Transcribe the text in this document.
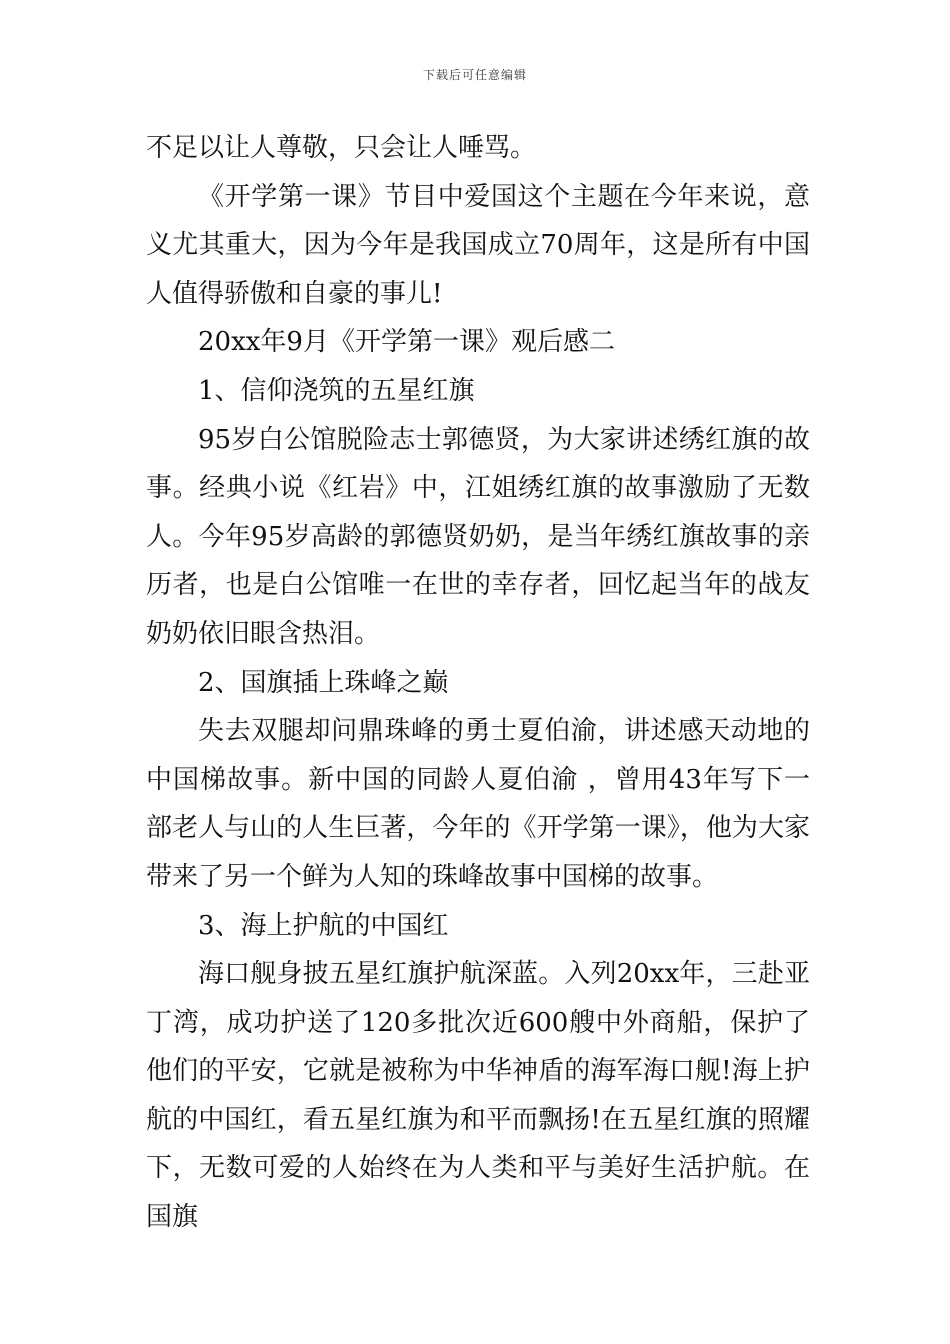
下载后可任意编辑

不足以让人尊敬，只会让人唾骂。

《开学第一课》节目中爱国这个主题在今年来说，意义尤其重大，因为今年是我国成立70周年，这是所有中国人值得骄傲和自豪的事儿!

20xx年9月《开学第一课》观后感二

1、信仰浇筑的五星红旗

95岁白公馆脱险志士郭德贤，为大家讲述绣红旗的故事。经典小说《红岩》中，江姐绣红旗的故事激励了无数人。今年95岁高龄的郭德贤奶奶，是当年绣红旗故事的亲历者，也是白公馆唯一在世的幸存者，回忆起当年的战友奶奶依旧眼含热泪。

2、国旗插上珠峰之巅

失去双腿却问鼎珠峰的勇士夏伯渝，讲述感天动地的中国梯故事。新中国的同龄人夏伯渝 ，曾用43年写下一部老人与山的人生巨著，今年的《开学第一课》，他为大家带来了另一个鲜为人知的珠峰故事中国梯的故事。

3、海上护航的中国红

海口舰身披五星红旗护航深蓝。入列20xx年，三赴亚丁湾，成功护送了120多批次近600艘中外商船，保护了他们的平安，它就是被称为中华神盾的海军海口舰!海上护航的中国红，看五星红旗为和平而飘扬!在五星红旗的照耀下，无数可爱的人始终在为人类和平与美好生活护航。在国旗
